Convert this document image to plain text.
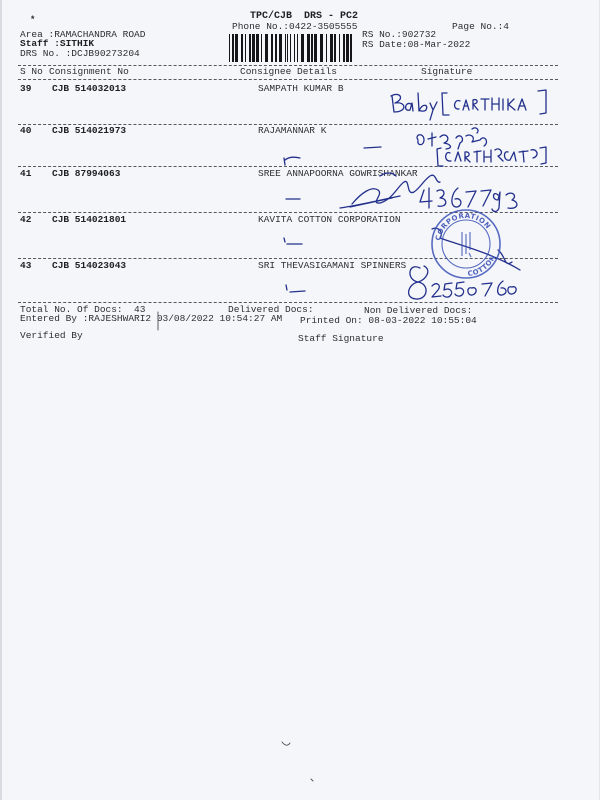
*	TPC/CJB  DRS - PC2
Phone No.:0422-3505555	Page No.:4
Area :RAMACHANDRA ROAD
Staff :SITHIK
DRS No. :DCJB90273204
RS No.:902732
RS Date:08-Mar-2022
S No Consignment No	Consignee Details	Signature
39 CJB 514032013	SAMPATH KUMAR B
40 CJB 514021973	RAJAMANNAR K
41 CJB 87994063	SREE ANNAPOORNA GOWRISHANKAR
42 CJB 514021801	KAVITA COTTON CORPORATION
43 CJB 514023043	SRI THEVASIGAMANI SPINNERS
Total No. Of Docs:  43	Delivered Docs:	Non Delivered Docs:
Entered By :RAJESHWARI2 03/08/2022 10:54:27 AM Printed On: 08-03-2022 10:55:04
Verified By	Staff Signature
CORPORATION
COTTON
